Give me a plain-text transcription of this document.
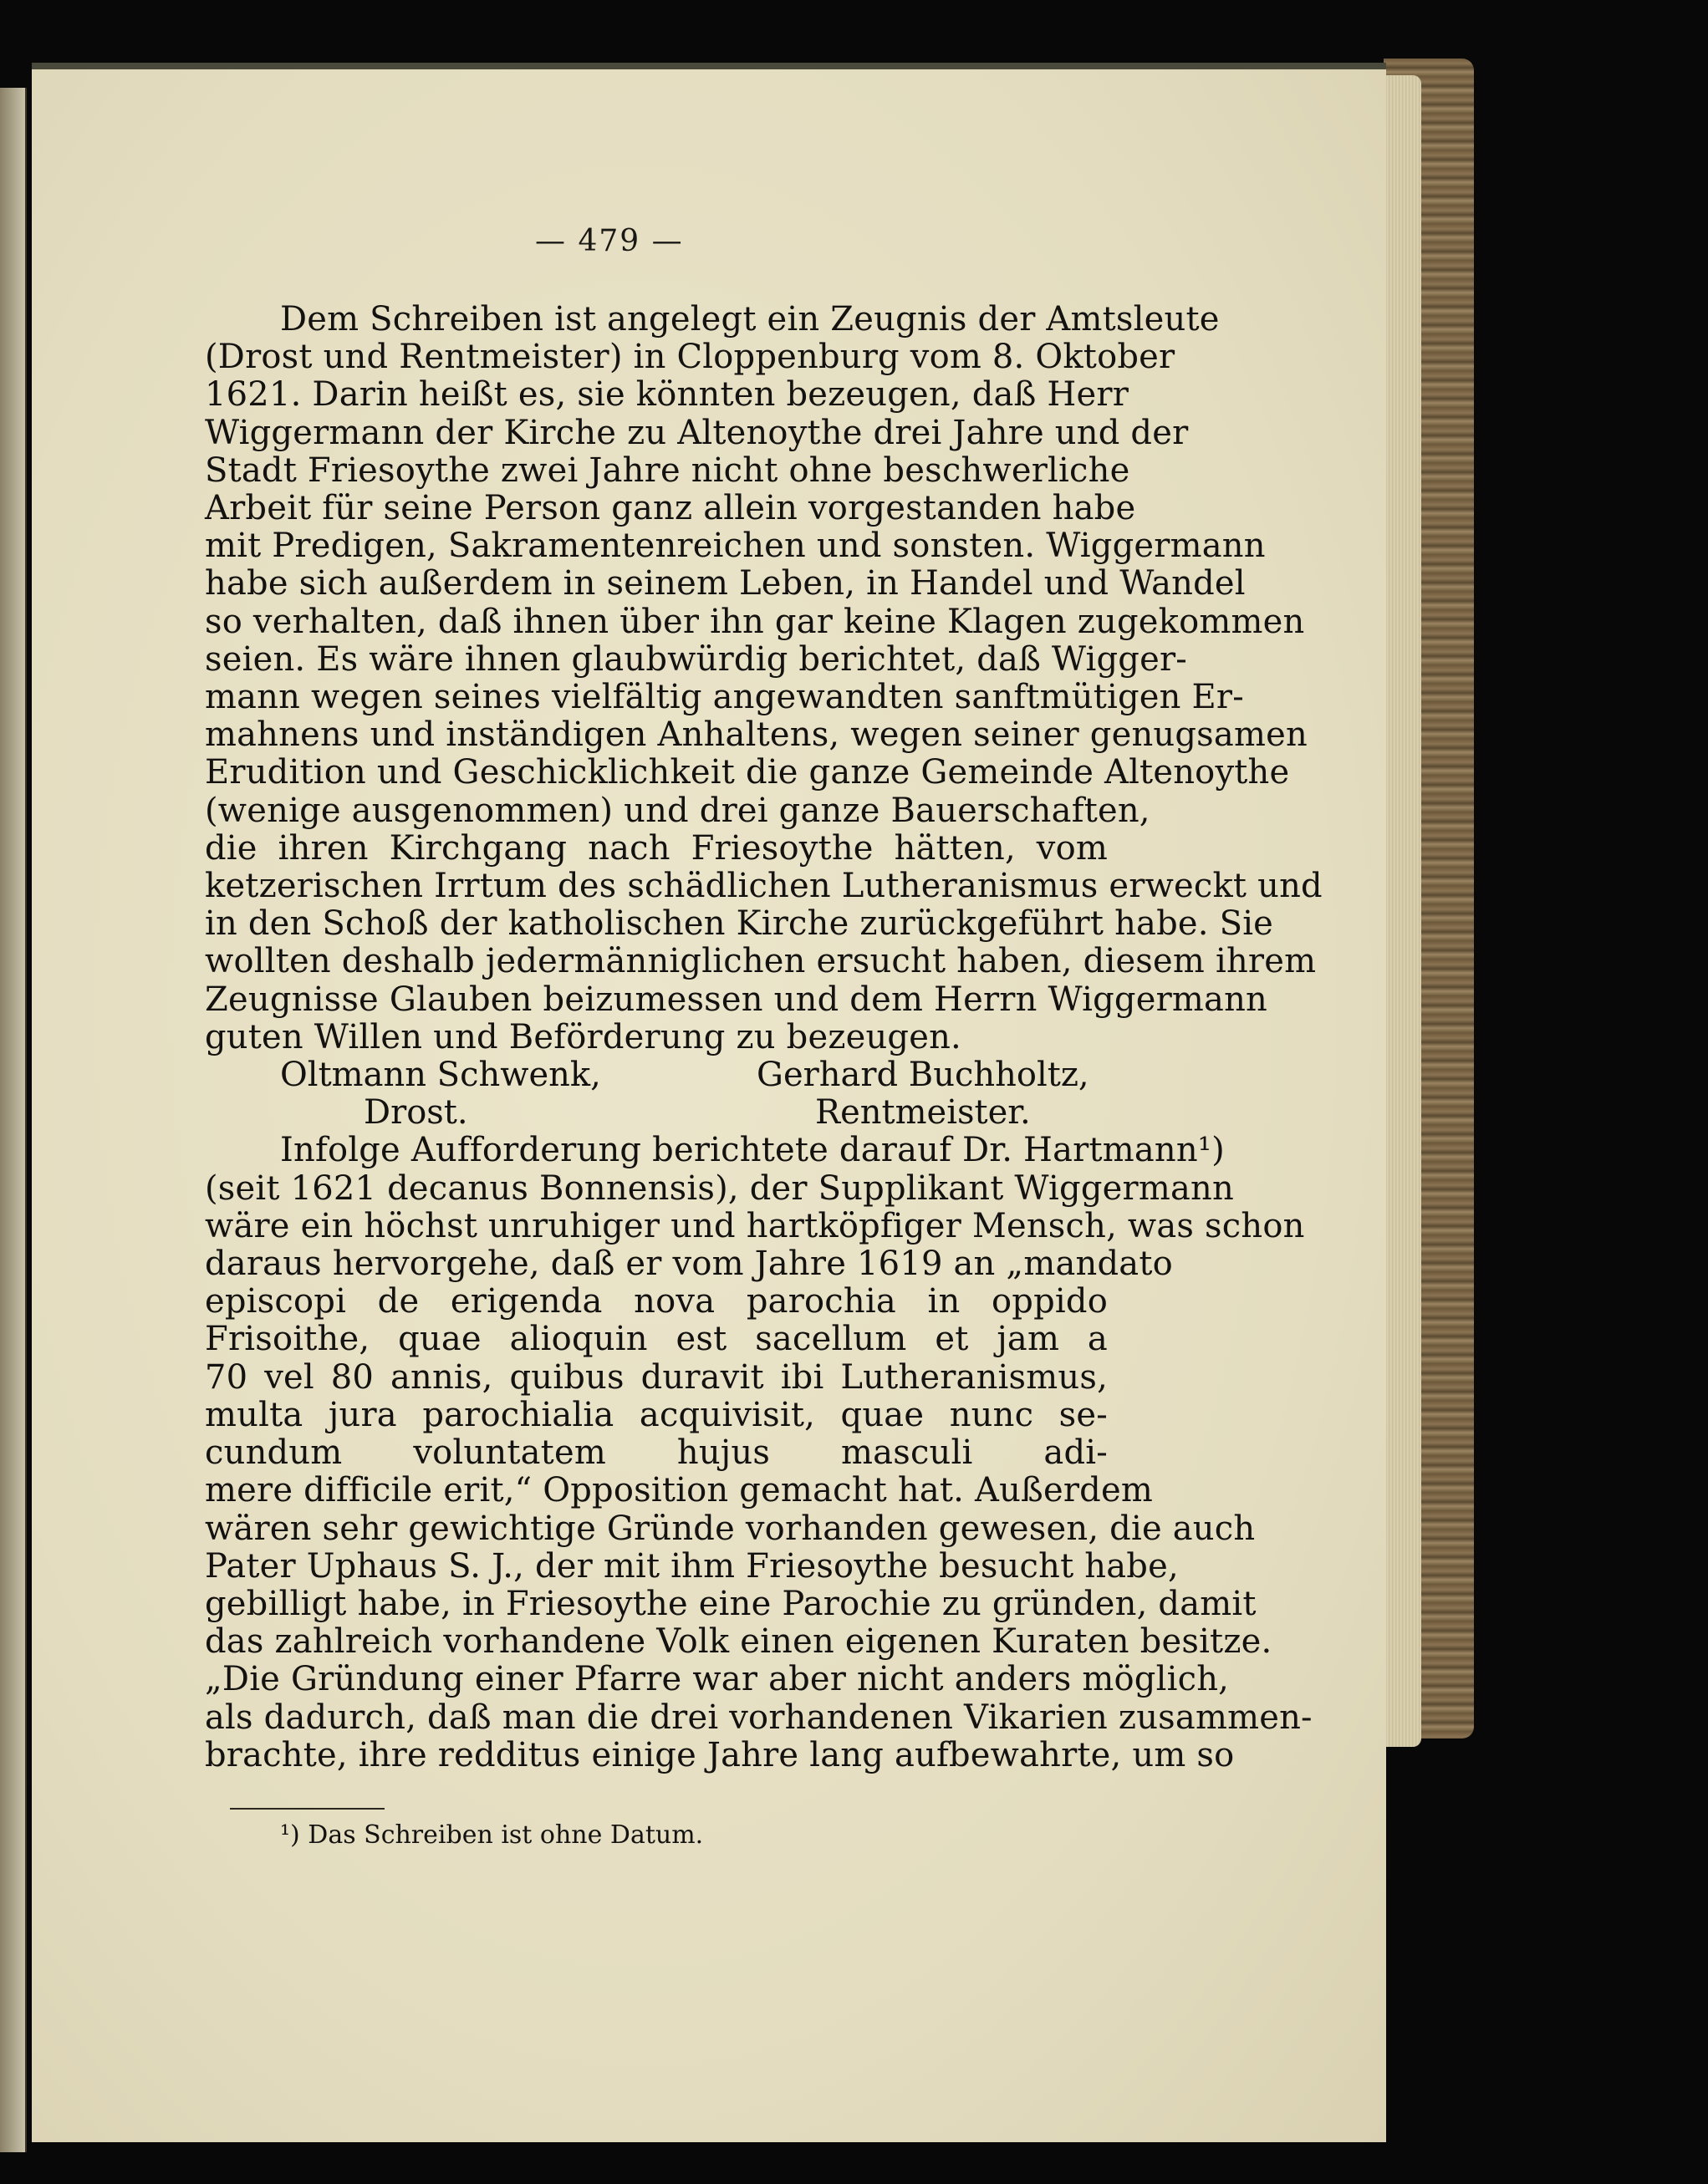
— 479 —
Dem Schreiben ist angelegt ein Zeugnis der Amtsleute
(Drost und Rentmeister) in Cloppenburg vom 8. Oktober
1621. Darin heißt es, sie könnten bezeugen, daß Herr
Wiggermann der Kirche zu Altenoythe drei Jahre und der
Stadt Friesoythe zwei Jahre nicht ohne beschwerliche
Arbeit für seine Person ganz allein vorgestanden habe
mit Predigen, Sakramentenreichen und sonsten. Wiggermann
habe sich außerdem in seinem Leben, in Handel und Wandel
so verhalten, daß ihnen über ihn gar keine Klagen zugekommen
seien. Es wäre ihnen glaubwürdig berichtet, daß Wigger-
mann wegen seines vielfältig angewandten sanftmütigen Er-
mahnens und inständigen Anhaltens, wegen seiner genugsamen
Erudition und Geschicklichkeit die ganze Gemeinde Altenoythe
(wenige ausgenommen) und drei ganze Bauerschaften,
die ihren Kirchgang nach Friesoythe hätten, vom
ketzerischen Irrtum des schädlichen Lutheranismus erweckt und
in den Schoß der katholischen Kirche zurückgeführt habe. Sie
wollten deshalb jedermänniglichen ersucht haben, diesem ihrem
Zeugnisse Glauben beizumessen und dem Herrn Wiggermann
guten Willen und Beförderung zu bezeugen.
Oltmann Schwenk,	Gerhard Buchholtz,
Drost.	Rentmeister.
Infolge Aufforderung berichtete darauf Dr. Hartmann¹)
(seit 1621 decanus Bonnensis), der Supplikant Wiggermann
wäre ein höchst unruhiger und hartköpfiger Mensch, was schon
daraus hervorgehe, daß er vom Jahre 1619 an „mandato
episcopi de erigenda nova parochia in oppido
Frisoithe, quae alioquin est sacellum et jam a
70 vel 80 annis, quibus duravit ibi Lutheranismus,
multa jura parochialia acquivisit, quae nunc se-
cundum voluntatem hujus masculi adi-
mere difficile erit,“ Opposition gemacht hat. Außerdem
wären sehr gewichtige Gründe vorhanden gewesen, die auch
Pater Uphaus S. J., der mit ihm Friesoythe besucht habe,
gebilligt habe, in Friesoythe eine Parochie zu gründen, damit
das zahlreich vorhandene Volk einen eigenen Kuraten besitze.
„Die Gründung einer Pfarre war aber nicht anders möglich,
als dadurch, daß man die drei vorhandenen Vikarien zusammen-
brachte, ihre redditus einige Jahre lang aufbewahrte, um so
¹) Das Schreiben ist ohne Datum.
